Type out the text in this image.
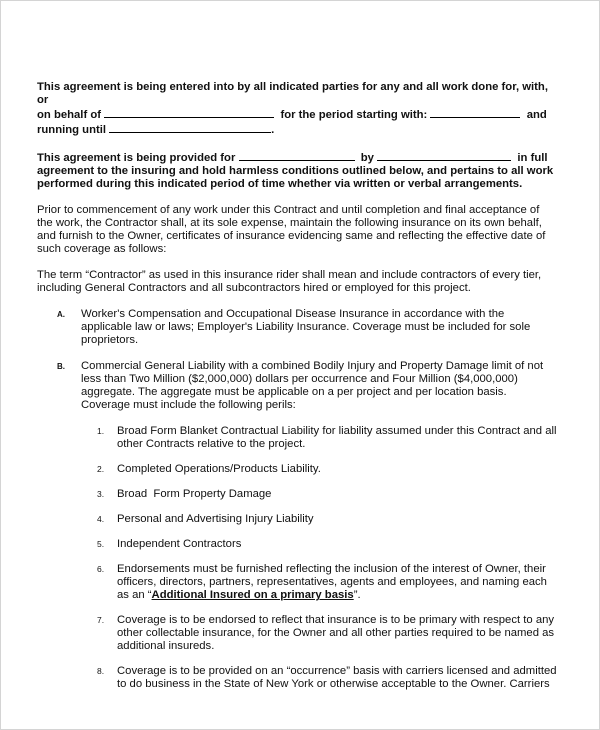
This agreement is being entered into by all indicated parties for any and all work done for, with, or
on behalf of	for the period starting with:	and
running until	.

This agreement is being provided for	by	in full agreement to the insuring and hold harmless conditions outlined below, and pertains to all work performed during this indicated period of time whether via written or verbal arrangements.

Prior to commencement of any work under this Contract and until completion and final acceptance of the work, the Contractor shall, at its sole expense, maintain the following insurance on its own behalf, and furnish to the Owner, certificates of insurance evidencing same and reflecting the effective date of such coverage as follows:

The term “Contractor” as used in this insurance rider shall mean and include contractors of every tier, including General Contractors and all subcontractors hired or employed for this project.

A. Worker's Compensation and Occupational Disease Insurance in accordance with the applicable law or laws; Employer's Liability Insurance. Coverage must be included for sole proprietors.
B. Commercial General Liability with a combined Bodily Injury and Property Damage limit of not less than Two Million ($2,000,000) dollars per occurrence and Four Million ($4,000,000) aggregate. The aggregate must be applicable on a per project and per location basis. Coverage must include the following perils:
1. Broad Form Blanket Contractual Liability for liability assumed under this Contract and all other Contracts relative to the project.
2. Completed Operations/Products Liability.
3. Broad  Form Property Damage
4. Personal and Advertising Injury Liability
5. Independent Contractors
6. Endorsements must be furnished reflecting the inclusion of the interest of Owner, their officers, directors, partners, representatives, agents and employees, and naming each as an “Additional Insured on a primary basis”.
7. Coverage is to be endorsed to reflect that insurance is to be primary with respect to any other collectable insurance, for the Owner and all other parties required to be named as additional insureds.
8. Coverage is to be provided on an “occurrence” basis with carriers licensed and admitted to do business in the State of New York or otherwise acceptable to the Owner. Carriers
